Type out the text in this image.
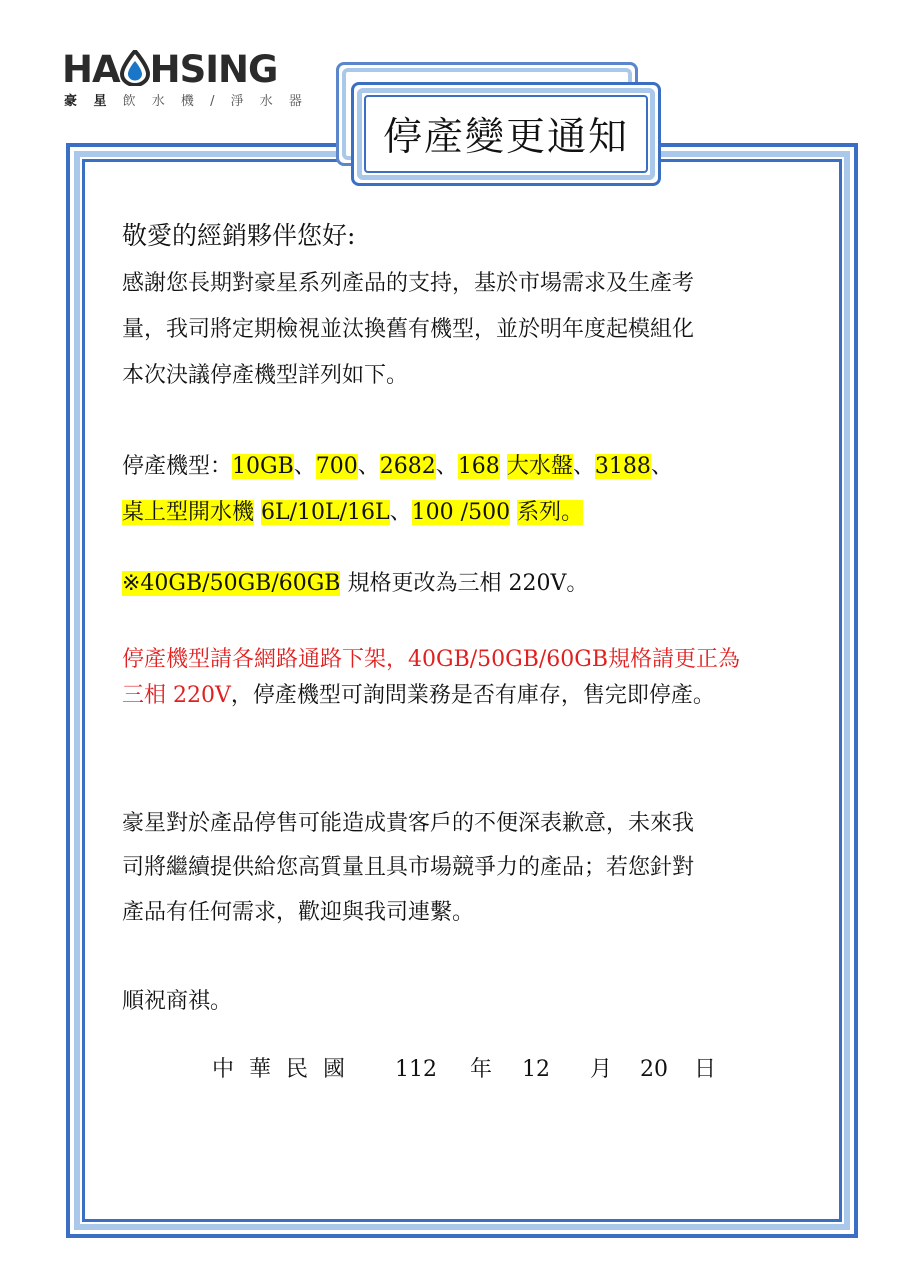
HA HSING
豪 星 飲 水 機 / 淨 水 器
停產變更通知
敬愛的經銷夥伴您好:
感謝您長期對豪星系列產品的支持，基於市場需求及生產考
量，我司將定期檢視並汰換舊有機型，並於明年度起模組化
本次決議停產機型詳列如下。
停產機型：10GB、700、2682、168 大水盤、3188、
桌上型開水機 6L/10L/16L、100 /500 系列。
※40GB/50GB/60GB 規格更改為三相 220V。
停產機型請各網路通路下架，40GB/50GB/60GB規格請更正為
三相 220V，停產機型可詢問業務是否有庫存，售完即停產。
豪星對於產品停售可能造成貴客戶的不便深表歉意，未來我
司將繼續提供給您高質量且具市場競爭力的產品；若您針對
產品有任何需求，歡迎與我司連繫。
順祝商祺。
中 華 民 國 112 年 12 月 20 日
